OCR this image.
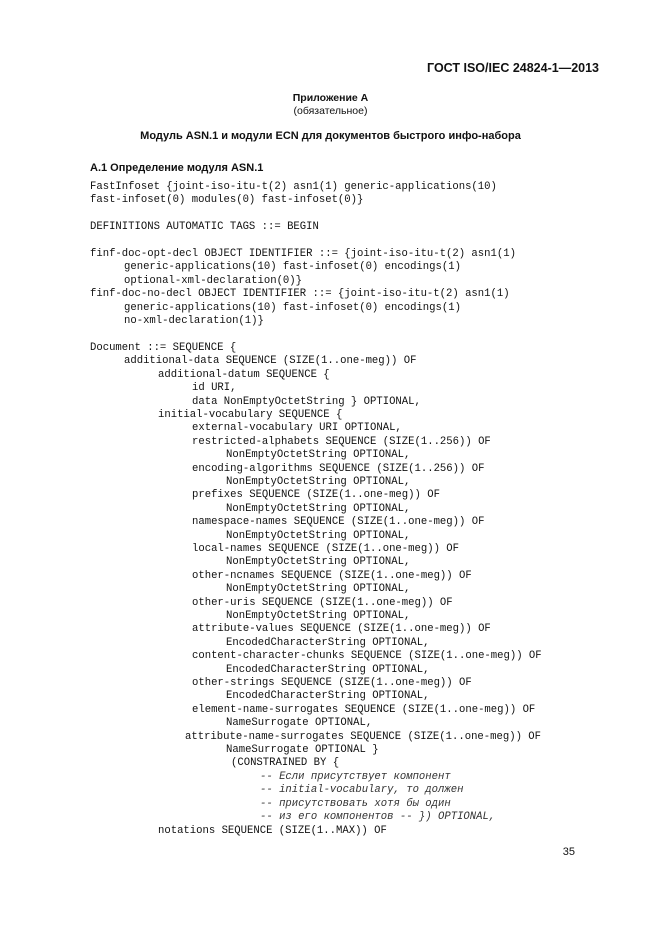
ГОСТ ISO/IEC 24824-1—2013
Приложение А
(обязательное)
Модуль ASN.1 и модули ECN для документов быстрого инфо-набора
А.1 Определение модуля ASN.1
FastInfoset {joint-iso-itu-t(2) asn1(1) generic-applications(10)
fast-infoset(0) modules(0) fast-infoset(0)}
DEFINITIONS AUTOMATIC TAGS ::= BEGIN
finf-doc-opt-decl OBJECT IDENTIFIER ::= {joint-iso-itu-t(2) asn1(1)
generic-applications(10) fast-infoset(0) encodings(1)
optional-xml-declaration(0)}
finf-doc-no-decl OBJECT IDENTIFIER ::= {joint-iso-itu-t(2) asn1(1)
generic-applications(10) fast-infoset(0) encodings(1)
no-xml-declaration(1)}
Document ::= SEQUENCE {
additional-data SEQUENCE (SIZE(1..one-meg)) OF
additional-datum SEQUENCE {
id URI,
data NonEmptyOctetString } OPTIONAL,
initial-vocabulary SEQUENCE {
external-vocabulary URI OPTIONAL,
restricted-alphabets SEQUENCE (SIZE(1..256)) OF
NonEmptyOctetString OPTIONAL,
encoding-algorithms SEQUENCE (SIZE(1..256)) OF
NonEmptyOctetString OPTIONAL,
prefixes SEQUENCE (SIZE(1..one-meg)) OF
NonEmptyOctetString OPTIONAL,
namespace-names SEQUENCE (SIZE(1..one-meg)) OF
NonEmptyOctetString OPTIONAL,
local-names SEQUENCE (SIZE(1..one-meg)) OF
NonEmptyOctetString OPTIONAL,
other-ncnames SEQUENCE (SIZE(1..one-meg)) OF
NonEmptyOctetString OPTIONAL,
other-uris SEQUENCE (SIZE(1..one-meg)) OF
NonEmptyOctetString OPTIONAL,
attribute-values SEQUENCE (SIZE(1..one-meg)) OF
EncodedCharacterString OPTIONAL,
content-character-chunks SEQUENCE (SIZE(1..one-meg)) OF
EncodedCharacterString OPTIONAL,
other-strings SEQUENCE (SIZE(1..one-meg)) OF
EncodedCharacterString OPTIONAL,
element-name-surrogates SEQUENCE (SIZE(1..one-meg)) OF
NameSurrogate OPTIONAL,
attribute-name-surrogates SEQUENCE (SIZE(1..one-meg)) OF
NameSurrogate OPTIONAL }
(CONSTRAINED BY {
-- Если присутствует компонент
-- initial-vocabulary, то должен
-- присутствовать хотя бы один
-- из его компонентов -- }) OPTIONAL,
notations SEQUENCE (SIZE(1..MAX)) OF
35
